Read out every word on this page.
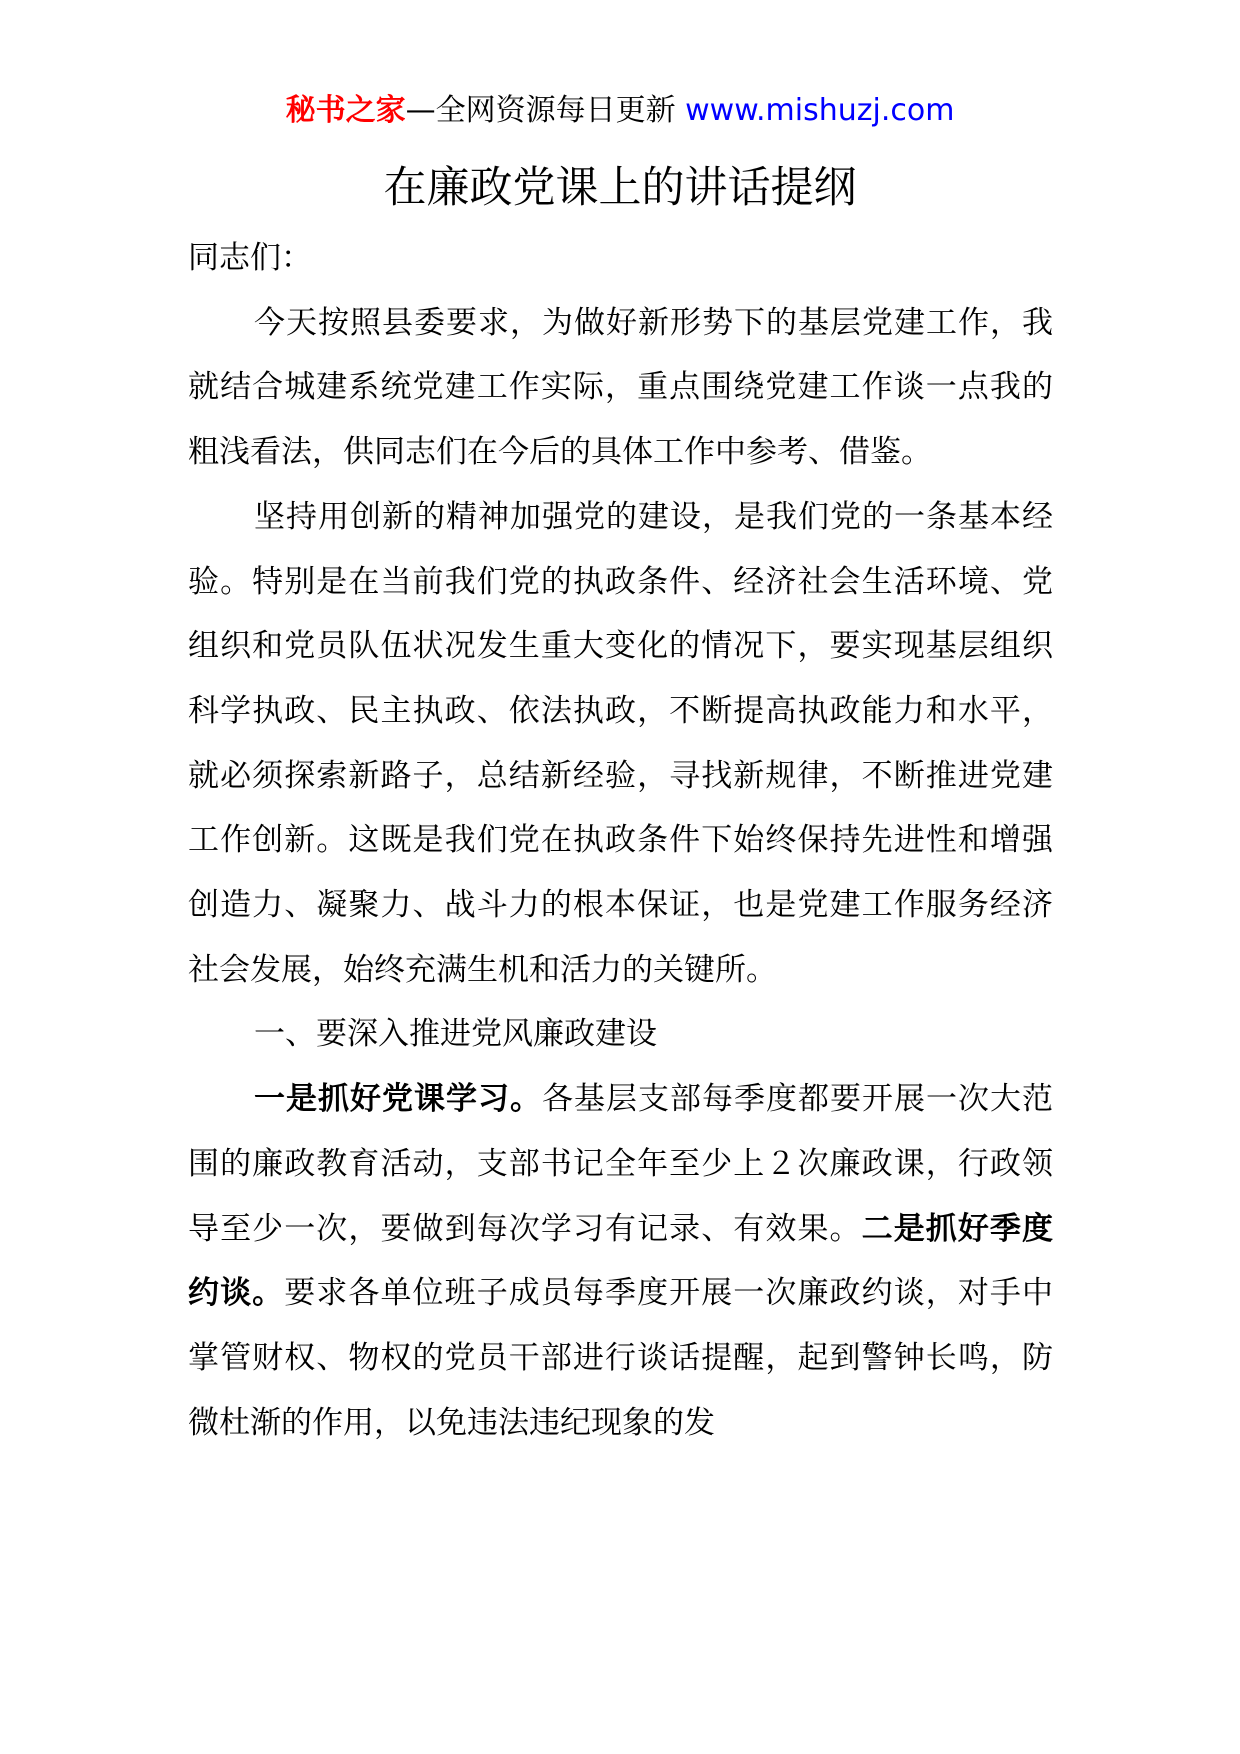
秘书之家—全网资源每日更新 www.mishuzj.com
在廉政党课上的讲话提纲

同志们：

今天按照县委要求，为做好新形势下的基层党建工作，我就结合城建系统党建工作实际，重点围绕党建工作谈一点我的粗浅看法，供同志们在今后的具体工作中参考、借鉴。

坚持用创新的精神加强党的建设，是我们党的一条基本经验。特别是在当前我们党的执政条件、经济社会生活环境、党组织和党员队伍状况发生重大变化的情况下，要实现基层组织科学执政、民主执政、依法执政，不断提高执政能力和水平，就必须探索新路子，总结新经验，寻找新规律，不断推进党建工作创新。这既是我们党在执政条件下始终保持先进性和增强创造力、凝聚力、战斗力的根本保证，也是党建工作服务经济社会发展，始终充满生机和活力的关键所。

一、要深入推进党风廉政建设

一是抓好党课学习。各基层支部每季度都要开展一次大范围的廉政教育活动，支部书记全年至少上２次廉政课，行政领导至少一次，要做到每次学习有记录、有效果。二是抓好季度约谈。要求各单位班子成员每季度开展一次廉政约谈，对手中掌管财权、物权的党员干部进行谈话提醒，起到警钟长鸣，防微杜渐的作用，以免违法违纪现象的发
